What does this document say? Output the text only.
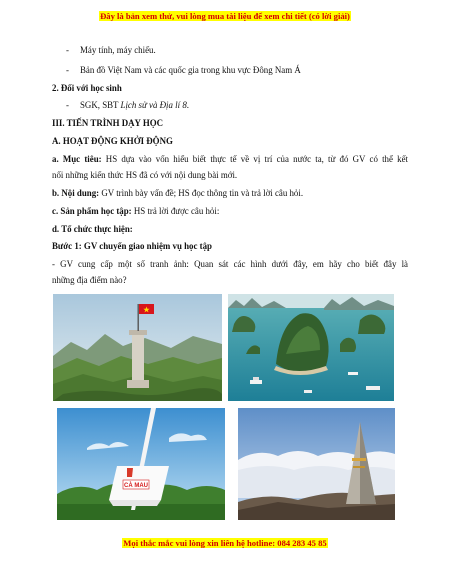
Đây là bản xem thử, vui lòng mua tài liệu để xem chi tiết (có lời giải)
- Máy tính, máy chiếu.
- Bản đồ Việt Nam và các quốc gia trong khu vực Đông Nam Á
2. Đối với học sinh
- SGK, SBT Lịch sử và Địa lí 8.
III. TIẾN TRÌNH DẠY HỌC
A. HOẠT ĐỘNG KHỞI ĐỘNG
a. Mục tiêu: HS dựa vào vốn hiểu biết thực tế về vị trí của nước ta, từ đó GV có thể kết
nối những kiến thức HS đã có với nội dung bài mới.
b. Nội dung: GV trình bày vấn đề; HS đọc thông tin và trả lời câu hỏi.
c. Sản phẩm học tập: HS trả lời được câu hỏi:
d. Tổ chức thực hiện:
Bước 1: GV chuyển giao nhiệm vụ học tập
- GV cung cấp một số tranh ảnh: Quan sát các hình dưới đây, em hãy cho biết đây là
những địa điểm nào?
CÀ MAU
Mọi thắc mắc vui lòng xin liên hệ hotline: 084 283 45 85
